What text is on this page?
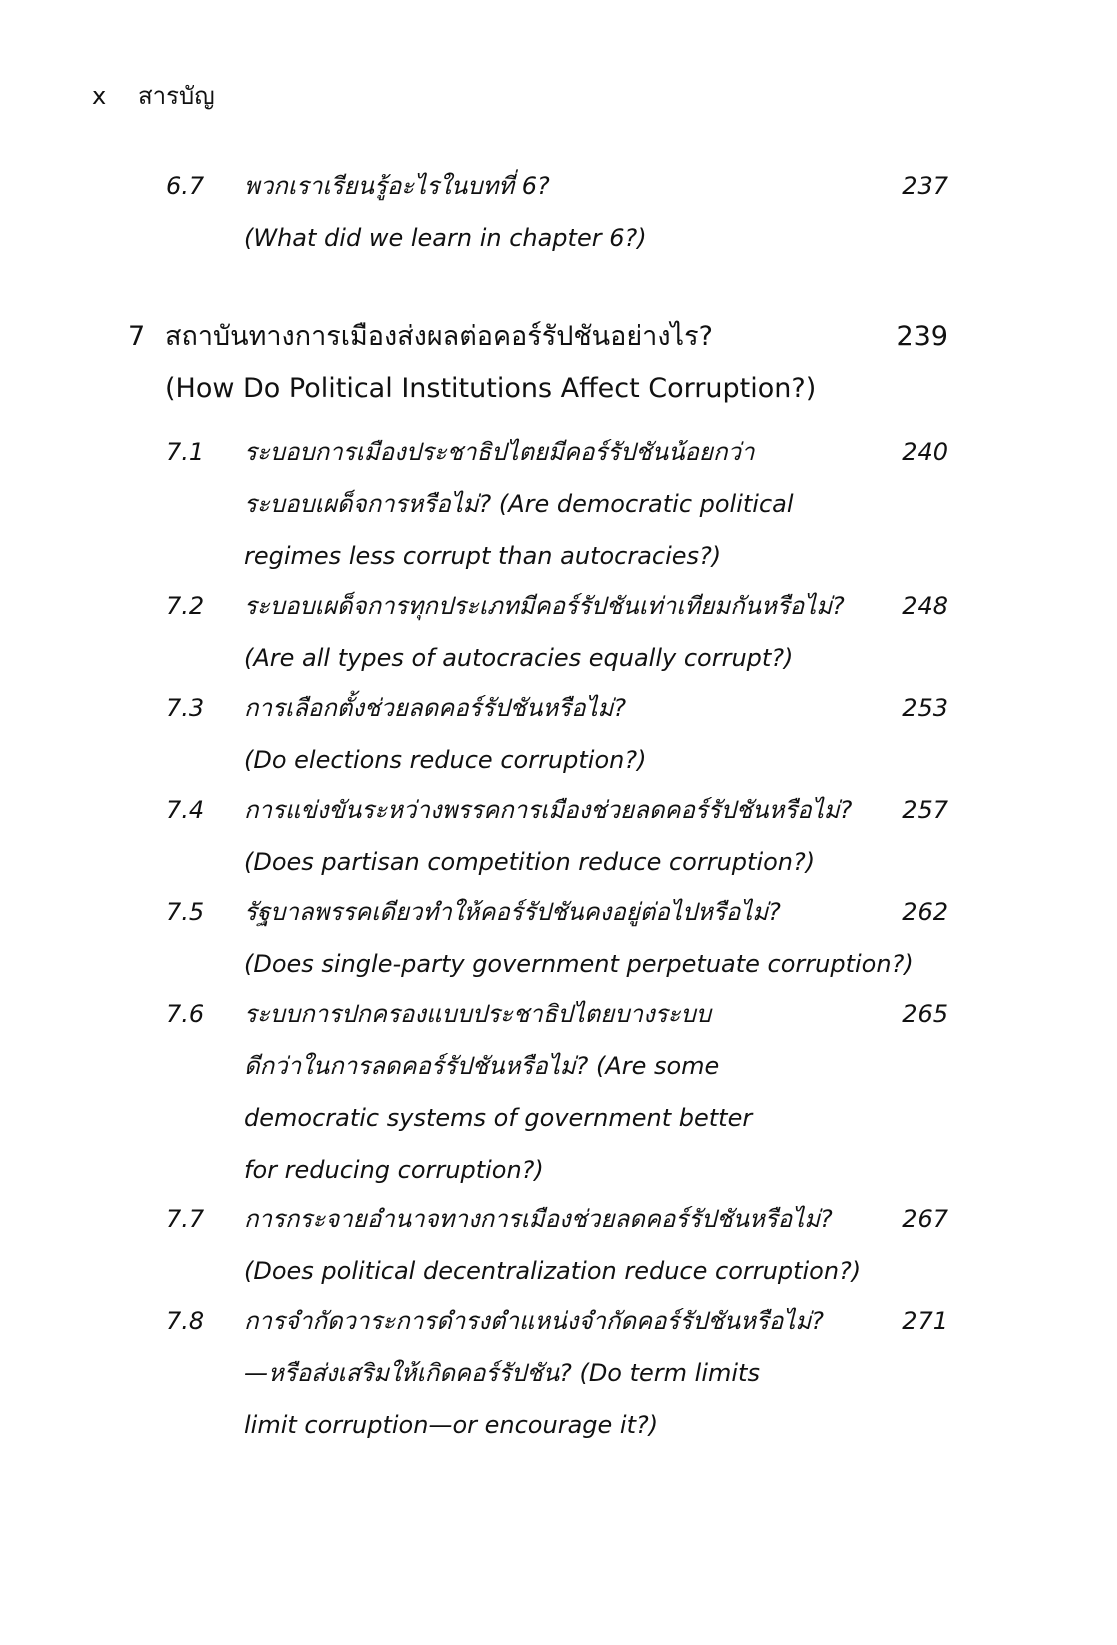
x สารบัญ
6.7 พวกเราเรียนรู้อะไรในบทที่ 6?
(What did we learn in chapter 6?)
237
7 สถาบันทางการเมืองส่งผลต่อคอร์รัปชันอย่างไร?
(How Do Political Institutions Affect Corruption?)
239
7.1 ระบอบการเมืองประชาธิปไตยมีคอร์รัปชันน้อยกว่า
ระบอบเผด็จการหรือไม่? (Are democratic political
regimes less corrupt than autocracies?)
240
7.2 ระบอบเผด็จการทุกประเภทมีคอร์รัปชันเท่าเทียมกันหรือไม่?
(Are all types of autocracies equally corrupt?)
248
7.3 การเลือกตั้งช่วยลดคอร์รัปชันหรือไม่?
(Do elections reduce corruption?)
253
7.4 การแข่งขันระหว่างพรรคการเมืองช่วยลดคอร์รัปชันหรือไม่?
(Does partisan competition reduce corruption?)
257
7.5 รัฐบาลพรรคเดียวทำให้คอร์รัปชันคงอยู่ต่อไปหรือไม่?
(Does single-party government perpetuate corruption?)
262
7.6 ระบบการปกครองแบบประชาธิปไตยบางระบบ
ดีกว่าในการลดคอร์รัปชันหรือไม่? (Are some
democratic systems of government better
for reducing corruption?)
265
7.7 การกระจายอำนาจทางการเมืองช่วยลดคอร์รัปชันหรือไม่?
(Does political decentralization reduce corruption?)
267
7.8 การจำกัดวาระการดำรงตำแหน่งจำกัดคอร์รัปชันหรือไม่?
—หรือส่งเสริมให้เกิดคอร์รัปชัน? (Do term limits
limit corruption—or encourage it?)
271
